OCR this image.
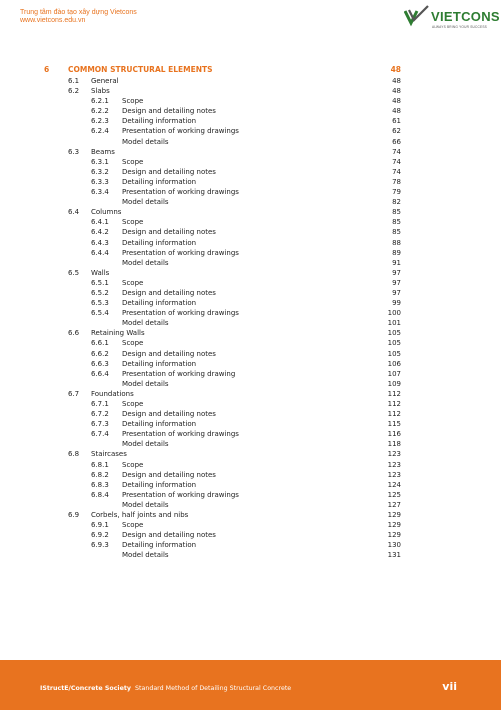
Trung tâm đào tạo xây dựng Vietcons
www.vietcons.edu.vn	VIETCONS
ALWAYS BRING YOUR SUCCESS
6	COMMON STRUCTURAL ELEMENTS	48
6.1 General	48
6.2 Slabs	48
6.2.1 Scope	48
6.2.2 Design and detailing notes	48
6.2.3 Detailing information	61
6.2.4 Presentation of working drawings	62
Model details	66
6.3 Beams	74
6.3.1 Scope	74
6.3.2 Design and detailing notes	74
6.3.3 Detailing information	78
6.3.4 Presentation of working drawings	79
Model details	82
6.4 Columns	85
6.4.1 Scope	85
6.4.2 Design and detailing notes	85
6.4.3 Detailing information	88
6.4.4 Presentation of working drawings	89
Model details	91
6.5 Walls	97
6.5.1 Scope	97
6.5.2 Design and detailing notes	97
6.5.3 Detailing information	99
6.5.4 Presentation of working drawings	100
Model details	101
6.6 Retaining Walls	105
6.6.1 Scope	105
6.6.2 Design and detailing notes	105
6.6.3 Detailing information	106
6.6.4 Presentation of working drawing	107
Model details	109
6.7 Foundations	112
6.7.1 Scope	112
6.7.2 Design and detailing notes	112
6.7.3 Detailing information	115
6.7.4 Presentation of working drawings	116
Model details	118
6.8 Staircases	123
6.8.1 Scope	123
6.8.2 Design and detailing notes	123
6.8.3 Detailing information	124
6.8.4 Presentation of working drawings	125
Model details	127
6.9 Corbels, half joints and nibs	129
6.9.1 Scope	129
6.9.2 Design and detailing notes	129
6.9.3 Detailing information	130
Model details	131
IStructE/Concrete Society Standard Method of Detailing Structural Concrete	vii
